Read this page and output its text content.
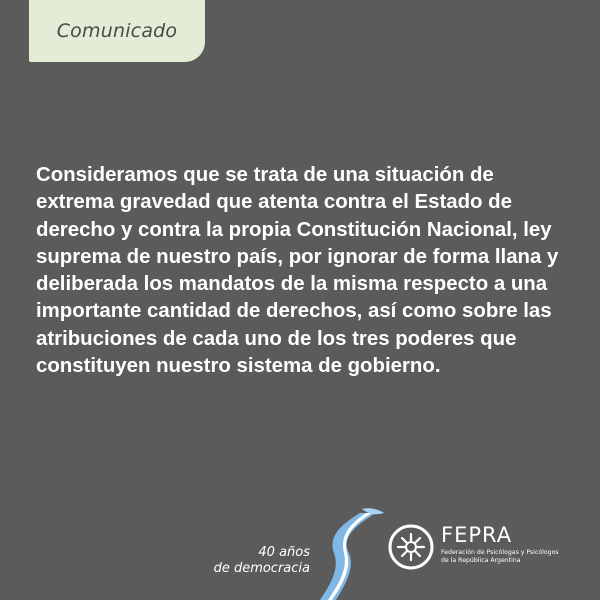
Comunicado

Consideramos que se trata de una situación de extrema gravedad que atenta contra el Estado de derecho y contra la propia Constitución Nacional, ley suprema de nuestro país, por ignorar de forma llana y deliberada los mandatos de la misma respecto a una importante cantidad de derechos, así como sobre las atribuciones de cada uno de los tres poderes que constituyen nuestro sistema de gobierno.

40 años
de democracia
FEPRA
Federación de Psicólogas y Psicólogos
de la República Argentina
